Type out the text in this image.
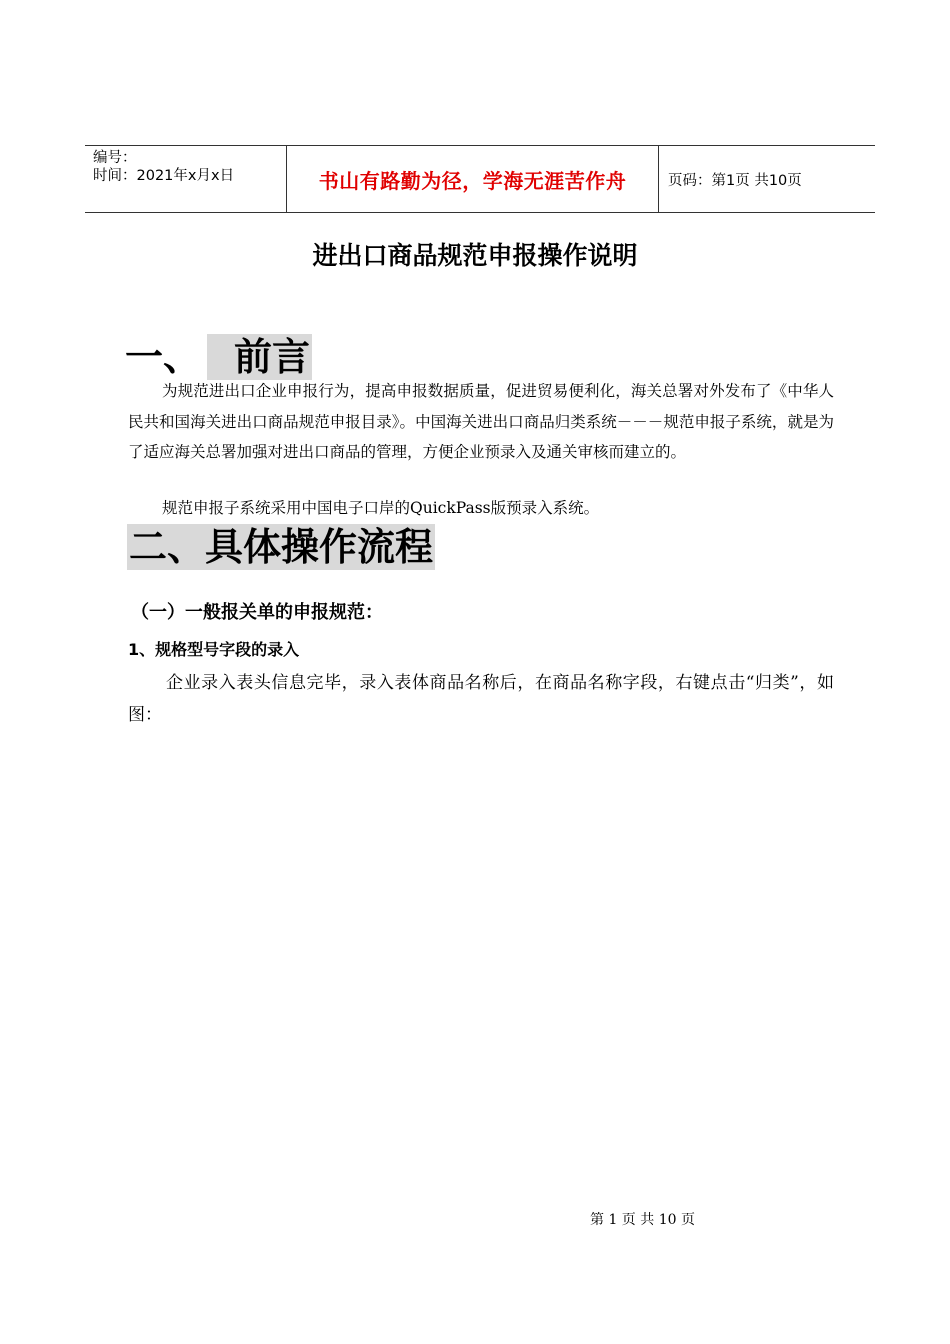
编号：
时间：2021年x月x日	书山有路勤为径，学海无涯苦作舟	页码：第1页 共10页
进出口商品规范申报操作说明
一、 前言
为规范进出口企业申报行为，提高申报数据质量，促进贸易便利化，海关总署对外发布了《中华人民共和国海关进出口商品规范申报目录》。中国海关进出口商品归类系统－－－规范申报子系统，就是为了适应海关总署加强对进出口商品的管理，方便企业预录入及通关审核而建立的。
规范申报子系统采用中国电子口岸的QuickPass版预录入系统。
二、具体操作流程
（一）一般报关单的申报规范：
1、规格型号字段的录入
企业录入表头信息完毕，录入表体商品名称后，在商品名称字段，右键点击“归类”，如图：
第 1 页 共 10 页
